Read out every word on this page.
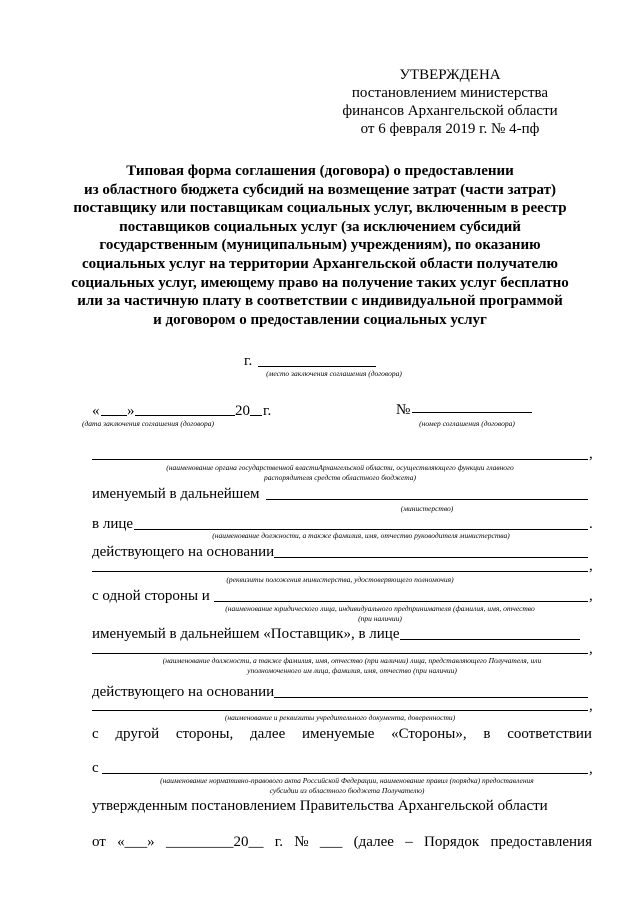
УТВЕРЖДЕНА
постановлением министерства
финансов Архангельской области
от 6 февраля 2019 г. № 4-пф
Типовая форма соглашения (договора) о предоставлении
из областного бюджета субсидий на возмещение затрат (части затрат)
поставщику или поставщикам социальных услуг, включенным в реестр
поставщиков социальных услуг (за исключением субсидий
государственным (муниципальным) учреждениям), по оказанию
социальных услуг на территории Архангельской области получателю
социальных услуг, имеющему право на получение таких услуг бесплатно
или за частичную плату в соответствии с индивидуальной программой
и договором о предоставлении социальных услуг
г.
(место заключения соглашения (договора)
« »	20 г.
(дата заключения соглашения (договора)
№
(номер соглашения (договора)
,
(наименование органа государственной властиАрхангельской области, осуществляющего функции главного
распорядителя средств областного бюджета)
именуемый в дальнейшем
(министерство)
в лице	.
(наименование должности, а также фамилия, имя, отчество руководителя министерства)
действующего на основании
,
(реквизиты положения министерства, удостоверяющего полномочия)
с одной стороны и	,
(наименование юридического лица, индивидуального предпринимателя (фамилия, имя, отчество
(при наличии)
именуемый в дальнейшем «Поставщик», в лице
,
(наименование должности, а также фамилия, имя, отчество (при наличии) лица, представляющего Получателя, или
уполномоченного им лица, фамилия, имя, отчество (при наличии)
действующего на основании
,
(наименование и реквизиты учредительного документа, доверенности)
с другой стороны, далее именуемые «Стороны», в соответствии
с	,
(наименование нормативно-правового акта Российской Федерации, наименование правил (порядка) предоставления
субсидии из областного бюджета Получателю)
утвержденным постановлением Правительства Архангельской области
от «___» _________20__ г. № ___ (далее – Порядок предоставления
